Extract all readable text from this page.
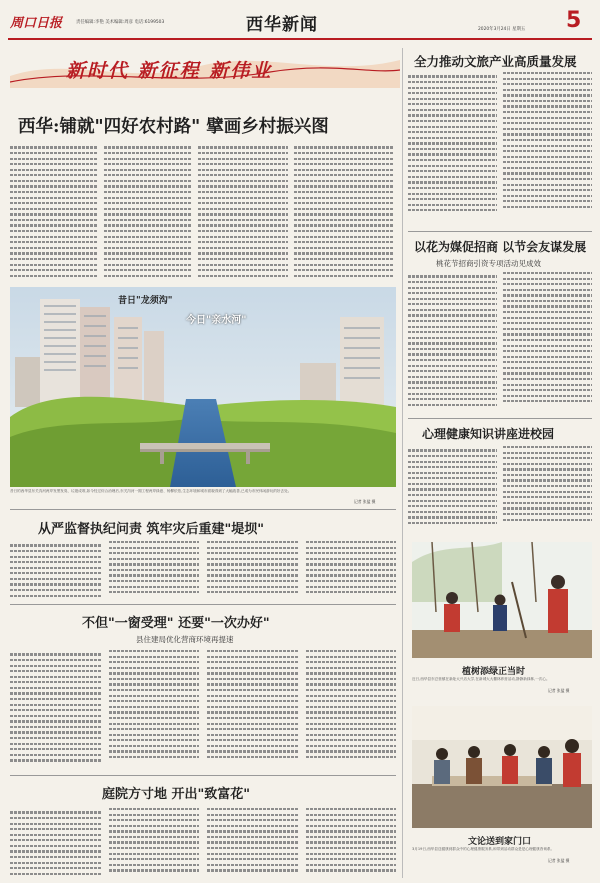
周口日报	责任编辑:李艳 美术编辑:周彦 电话:6199503	西华新闻	2020年3月24日 星期五 5
新时代 新征程 新伟业
西华:铺就"四好农村路" 擘画乡村振兴图
昔日"龙须沟"
今日"亲水河"
昔日的西华县东关沟河两岸发黑发臭、垃圾成堆,如今经过综合治理后,东关沟河一期工程两岸绿意、杨柳依依,生态环境和城市面貌得到了大幅改善,已成为市民休闲游玩的好去处。
记者 张猛 摄
从严监督执纪问责 筑牢灾后重建"堤坝"
不但"一窗受理" 还要"一次办好"
县住建局优化营商环境再提速
庭院方寸地 开出"致富花"
全力推动文旅产业高质量发展
以花为媒促招商 以节会友谋发展
桃花节招商引资专项活动见成效
心理健康知识讲座进校园
植树添绿正当时
近日,西华县东总营镇在新址大兴店大学,在新城大大棚林养营活动,静静新绿林,一次心。
记者 张猛 摄
文论送到家门口
3月19日,西华县送健康到群众中的心理健康服务系,和带到活动群众是是心理健康咨询系。
记者 张猛 摄
